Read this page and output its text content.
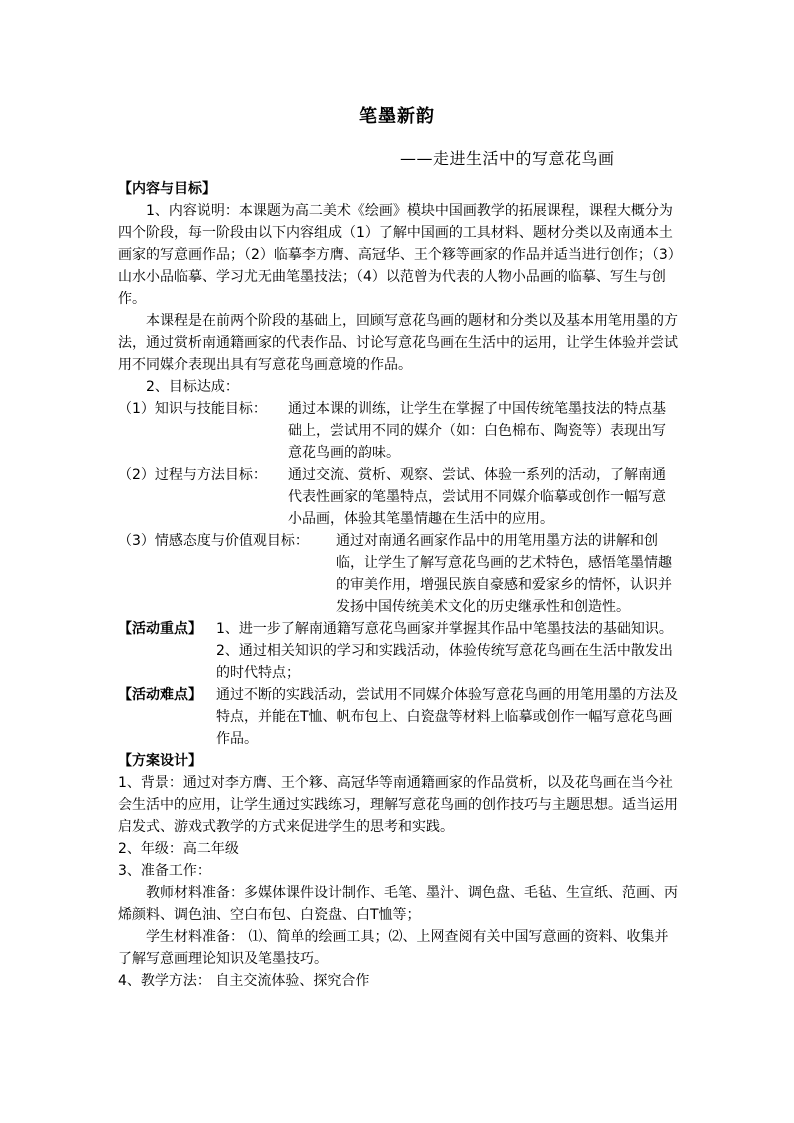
笔墨新韵
——走进生活中的写意花鸟画

【内容与目标】

1、内容说明：本课题为高二美术《绘画》模块中国画教学的拓展课程，课程大概分为四个阶段，每一阶段由以下内容组成（1）了解中国画的工具材料、题材分类以及南通本土画家的写意画作品；（2）临摹李方膺、高冠华、王个簃等画家的作品并适当进行创作；（3）山水小品临摹、学习尤无曲笔墨技法；（4）以范曾为代表的人物小品画的临摹、写生与创作。

本课程是在前两个阶段的基础上，回顾写意花鸟画的题材和分类以及基本用笔用墨的方法，通过赏析南通籍画家的代表作品、讨论写意花鸟画在生活中的运用，让学生体验并尝试用不同媒介表现出具有写意花鸟画意境的作品。

2、目标达成：

（1）知识与技能目标：	通过本课的训练，让学生在掌握了中国传统笔墨技法的特点基础上，尝试用不同的媒介（如：白色棉布、陶瓷等）表现出写意花鸟画的韵味。
（2）过程与方法目标：	通过交流、赏析、观察、尝试、体验一系列的活动，了解南通代表性画家的笔墨特点，尝试用不同媒介临摹或创作一幅写意小品画，体验其笔墨情趣在生活中的应用。
（3）情感态度与价值观目标：	通过对南通名画家作品中的用笔用墨方法的讲解和创临，让学生了解写意花鸟画的艺术特色，感悟笔墨情趣的审美作用，增强民族自豪感和爱家乡的情怀，认识并发扬中国传统美术文化的历史继承性和创造性。
【活动重点】	1、进一步了解南通籍写意花鸟画家并掌握其作品中笔墨技法的基础知识。

2、通过相关知识的学习和实践活动，体验传统写意花鸟画在生活中散发出的时代特点；

【活动难点】	通过不断的实践活动，尝试用不同媒介体验写意花鸟画的用笔用墨的方法及特点，并能在T恤、帆布包上、白瓷盘等材料上临摹或创作一幅写意花鸟画作品。

【方案设计】

1、背景：通过对李方膺、王个簃、高冠华等南通籍画家的作品赏析，以及花鸟画在当今社会生活中的应用，让学生通过实践练习，理解写意花鸟画的创作技巧与主题思想。适当运用启发式、游戏式教学的方式来促进学生的思考和实践。

2、年级：高二年级

3、准备工作：

教师材料准备：多媒体课件设计制作、毛笔、墨汁、调色盘、毛毡、生宣纸、范画、丙烯颜料、调色油、空白布包、白瓷盘、白T恤等；

学生材料准备： ⑴、简单的绘画工具；⑵、上网查阅有关中国写意画的资料、收集并了解写意画理论知识及笔墨技巧。

4、教学方法： 自主交流体验、探究合作
